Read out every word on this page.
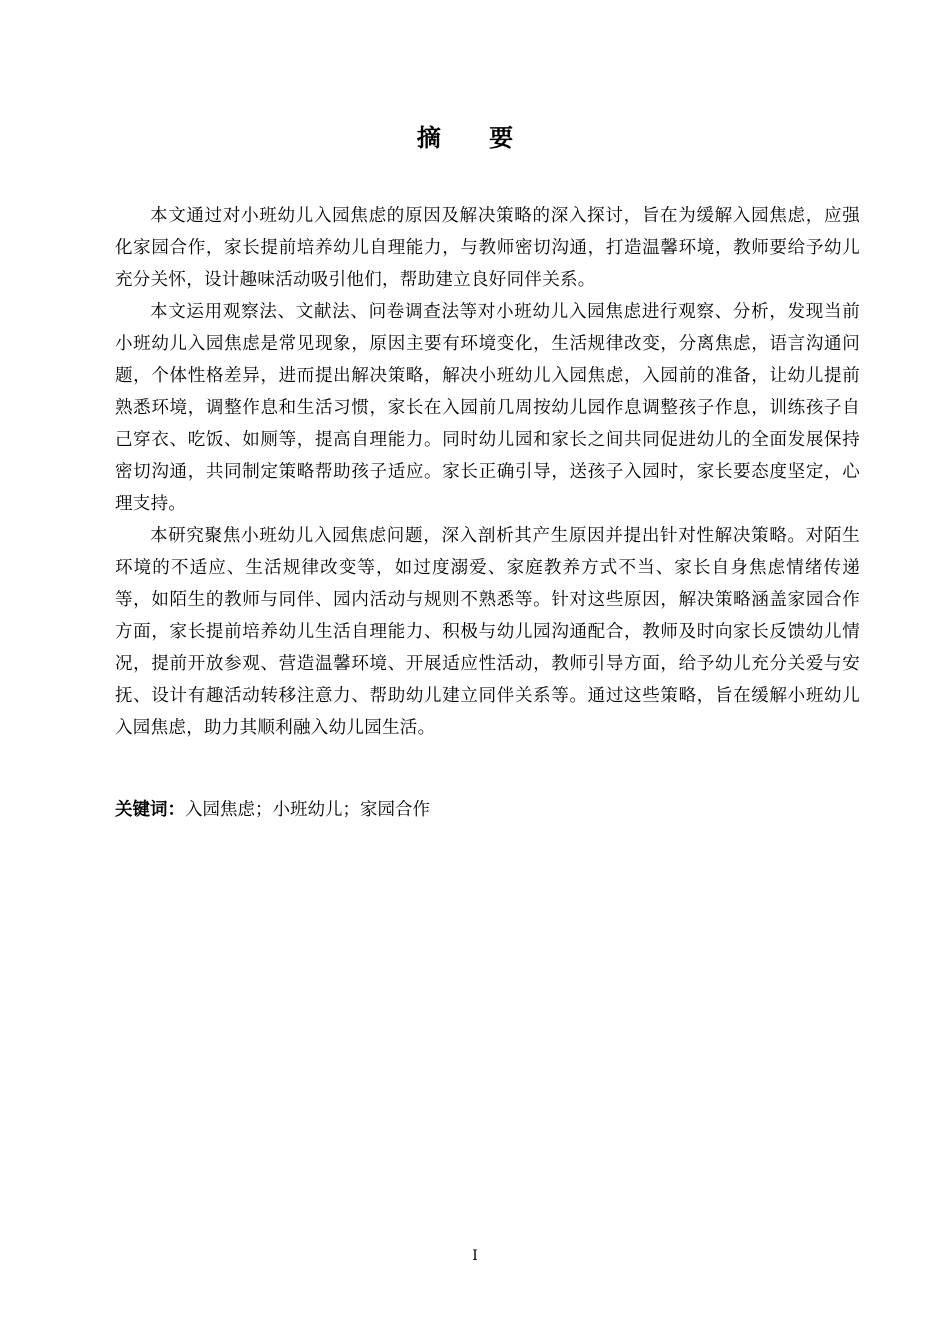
摘 要

本文通过对小班幼儿入园焦虑的原因及解决策略的深入探讨，旨在为缓解入园焦虑，应强化家园合作，家长提前培养幼儿自理能力，与教师密切沟通，打造温馨环境，教师要给予幼儿充分关怀，设计趣味活动吸引他们，帮助建立良好同伴关系。

本文运用观察法、文献法、问卷调查法等对小班幼儿入园焦虑进行观察、分析，发现当前小班幼儿入园焦虑是常见现象，原因主要有环境变化，生活规律改变，分离焦虑，语言沟通问题，个体性格差异，进而提出解决策略，解决小班幼儿入园焦虑，入园前的准备，让幼儿提前熟悉环境，调整作息和生活习惯，家长在入园前几周按幼儿园作息调整孩子作息，训练孩子自己穿衣、吃饭、如厕等，提高自理能力。同时幼儿园和家长之间共同促进幼儿的全面发展保持密切沟通，共同制定策略帮助孩子适应。家长正确引导，送孩子入园时，家长要态度坚定，心理支持。

本研究聚焦小班幼儿入园焦虑问题，深入剖析其产生原因并提出针对性解决策略。对陌生环境的不适应、生活规律改变等，如过度溺爱、家庭教养方式不当、家长自身焦虑情绪传递等，如陌生的教师与同伴、园内活动与规则不熟悉等。针对这些原因，解决策略涵盖家园合作方面，家长提前培养幼儿生活自理能力、积极与幼儿园沟通配合，教师及时向家长反馈幼儿情况，提前开放参观、营造温馨环境、开展适应性活动，教师引导方面，给予幼儿充分关爱与安抚、设计有趣活动转移注意力、帮助幼儿建立同伴关系等。通过这些策略，旨在缓解小班幼儿入园焦虑，助力其顺利融入幼儿园生活。

关键词：入园焦虑；小班幼儿；家园合作
I
